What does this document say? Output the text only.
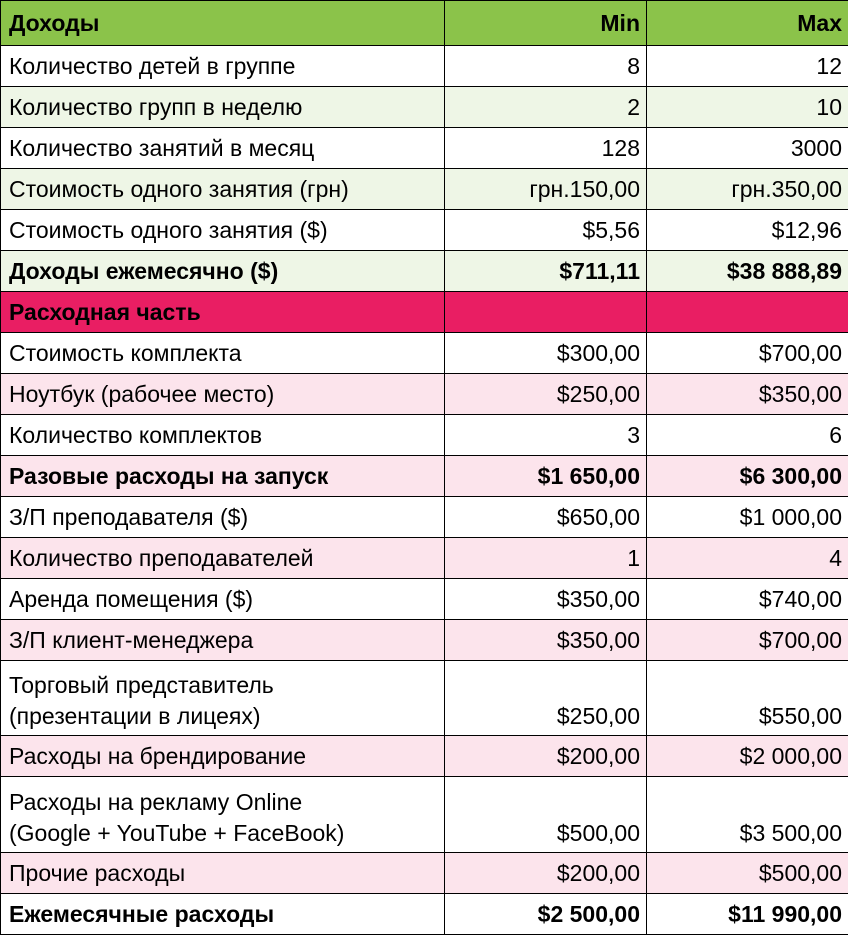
Доходы	Min	Max
Количество детей в группе	8	12
Количество групп в неделю	2	10
Количество занятий в месяц	128	3000
Стоимость одного занятия (грн)	грн.150,00	грн.350,00
Стоимость одного занятия ($)	$5,56	$12,96
Доходы ежемесячно ($)	$711,11	$38 888,89
Расходная часть		
Стоимость комплекта	$300,00	$700,00
Ноутбук (рабочее место)	$250,00	$350,00
Количество комплектов	3	6
Разовые расходы на запуск	$1 650,00	$6 300,00
З/П преподавателя ($)	$650,00	$1 000,00
Количество преподавателей	1	4
Аренда помещения ($)	$350,00	$740,00
З/П клиент-менеджера	$350,00	$700,00
Торговый представитель
(презентации в лицеях)	$250,00	$550,00
Расходы на брендирование	$200,00	$2 000,00
Расходы на рекламу Online
(Google + YouTube + FaceBook)	$500,00	$3 500,00
Прочие расходы	$200,00	$500,00
Ежемесячные расходы	$2 500,00	$11 990,00
